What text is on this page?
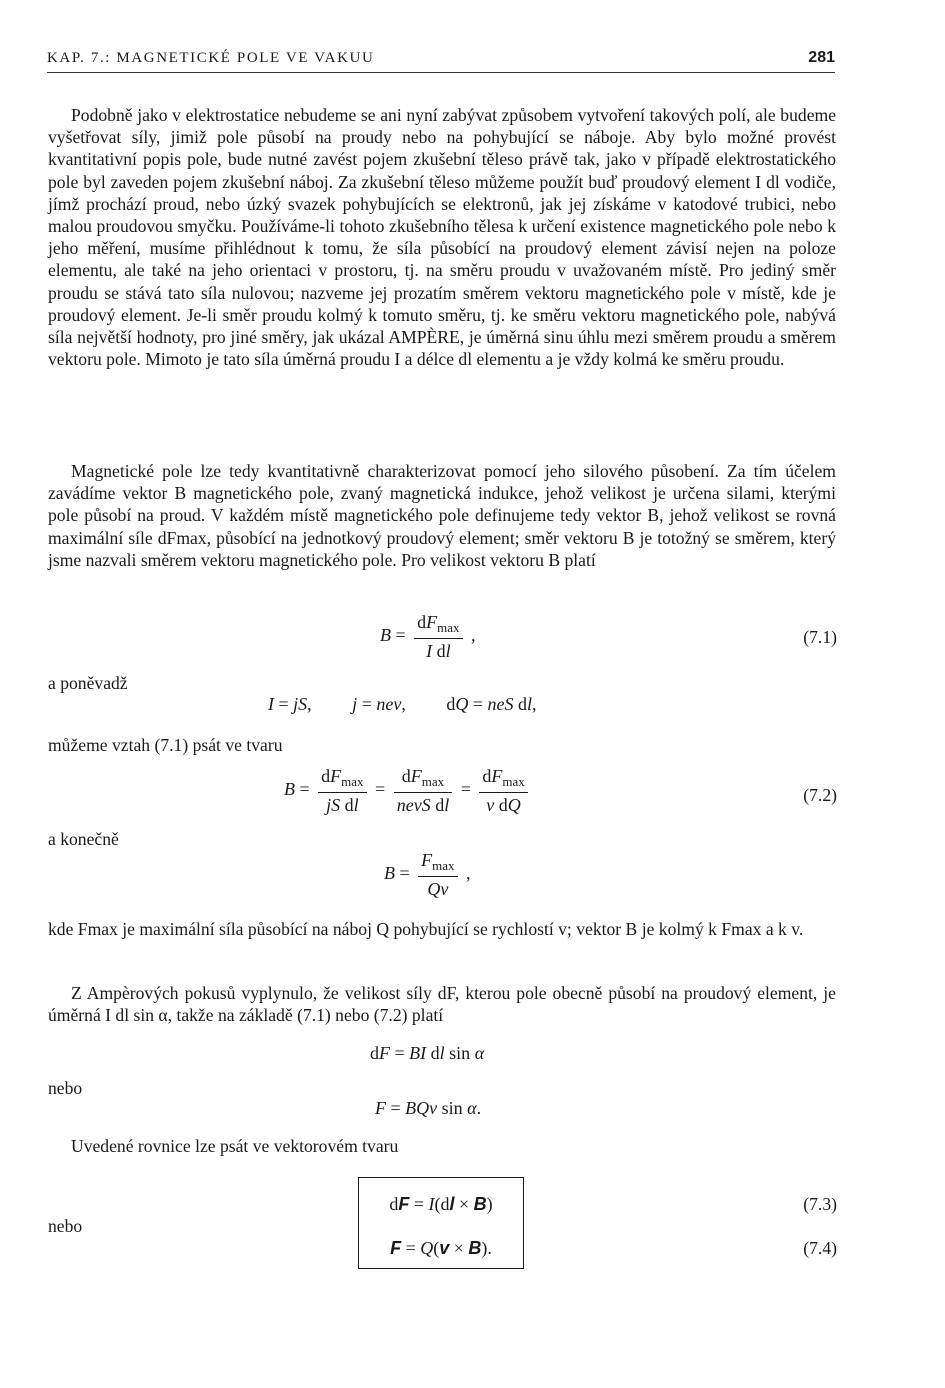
KAP. 7.: MAGNETICKÉ POLE VE VAKUU	281

Podobně jako v elektrostatice nebudeme se ani nyní zabývat způsobem vytvoření takových polí, ale budeme vyšetřovat síly, jimiž pole působí na proudy nebo na pohybující se náboje. Aby bylo možné provést kvantitativní popis pole, bude nutné zavést pojem zkušební těleso právě tak, jako v případě elektrostatického pole byl zaveden pojem zkušební náboj. Za zkušební těleso můžeme použít buď proudový element I dl vodiče, jímž prochází proud, nebo úzký svazek pohybujících se elektronů, jak jej získáme v katodové trubici, nebo malou proudovou smyčku. Používáme-li tohoto zkušebního tělesa k určení existence magnetického pole nebo k jeho měření, musíme přihlédnout k tomu, že síla působící na proudový element závisí nejen na poloze elementu, ale také na jeho orientaci v prostoru, tj. na směru proudu v uvažovaném místě. Pro jediný směr proudu se stává tato síla nulovou; nazveme jej prozatím směrem vektoru magnetického pole v místě, kde je proudový element. Je-li směr proudu kolmý k tomuto směru, tj. ke směru vektoru magnetického pole, nabývá síla největší hodnoty, pro jiné směry, jak ukázal AMPÈRE, je úměrná sinu úhlu mezi směrem proudu a směrem vektoru pole. Mimoto je tato síla úměrná proudu I a délce dl elementu a je vždy kolmá ke směru proudu.

Magnetické pole lze tedy kvantitativně charakterizovat pomocí jeho silového působení. Za tím účelem zavádíme vektor B magnetického pole, zvaný magnetická indukce, jehož velikost je určena silami, kterými pole působí na proud. V každém místě magnetického pole definujeme tedy vektor B, jehož velikost se rovná maximální síle dFmax, působící na jednotkový proudový element; směr vektoru B je totožný se směrem, který jsme nazvali směrem vektoru magnetického pole. Pro velikost vektoru B platí

$B = \frac{dF_{max}}{\text{I dl}}$ ,	(7.1)
a poněvadž
I = jS,         j = nev,         dQ = neS dl,
můžeme vztah (7.1) psát ve tvaru
$B = \frac{dF_{max}}{\text{jS dl}} = \frac{dF_{max}}{\text{nevS dl}} = \frac{dF_{max}}{\text{v dQ}}$	(7.2)
a konečně
$B = \frac{F_{max}}{Qv}$ ,

kde Fmax je maximální síla působící na náboj Q pohybující se rychlostí v; vektor B je kolmý k Fmax a k v.

Z Ampèrových pokusů vyplynulo, že velikost síly dF, kterou pole obecně působí na proudový element, je úměrná I dl sin α, takže na základě (7.1) nebo (7.2) platí

dF = BI dl sin α
nebo
F = BQv sin α.

Uvedené rovnice lze psát ve vektorovém tvaru

dF = I(dl × B)
F = Q(v × B).
(7.3)
nebo
(7.4)
